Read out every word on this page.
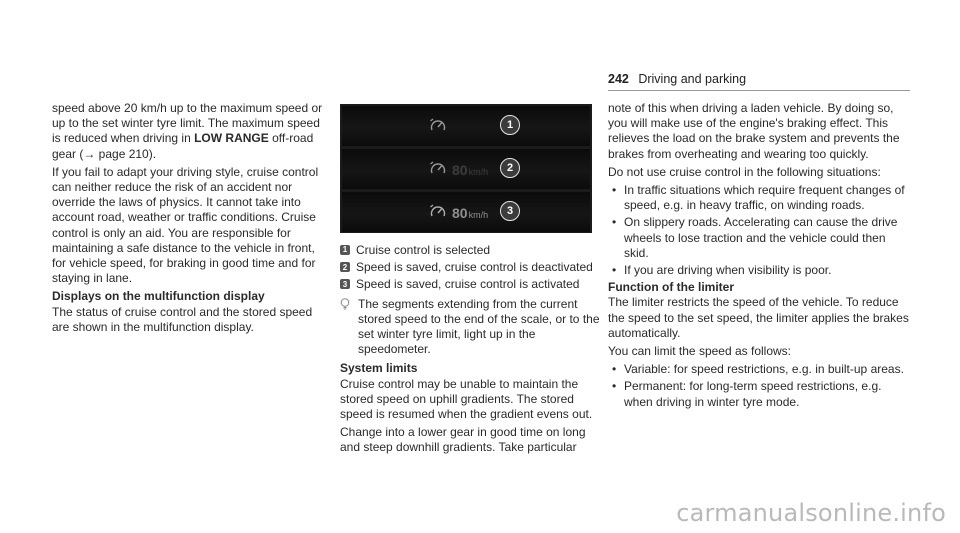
242 Driving and parking

speed above 20 km/h up to the maximum speed or up to the set winter tyre limit. The maximum speed is reduced when driving in LOW RANGE off-road gear (→ page 210).

If you fail to adapt your driving style, cruise control can neither reduce the risk of an accident nor override the laws of physics. It cannot take into account road, weather or traffic conditions. Cruise control is only an aid. You are responsible for maintaining a safe distance to the vehicle in front, for vehicle speed, for braking in good time and for staying in lane.

Displays on the multifunction display

The status of cruise control and the stored speed are shown in the multifunction display.

1
80km/h	2
80km/h	3
1 Cruise control is selected
2 Speed is saved, cruise control is deactivated
3 Speed is saved, cruise control is activated
The segments extending from the current stored speed to the end of the scale, or to the set winter tyre limit, light up in the speedometer.

System limits

Cruise control may be unable to maintain the stored speed on uphill gradients. The stored speed is resumed when the gradient evens out.

Change into a lower gear in good time on long and steep downhill gradients. Take particular

note of this when driving a laden vehicle. By doing so, you will make use of the engine's braking effect. This relieves the load on the brake system and prevents the brakes from overheating and wearing too quickly.

Do not use cruise control in the following situations:

• In traffic situations which require frequent changes of speed, e.g. in heavy traffic, on winding roads.
• On slippery roads. Accelerating can cause the drive wheels to lose traction and the vehicle could then skid.
• If you are driving when visibility is poor.

Function of the limiter

The limiter restricts the speed of the vehicle. To reduce the speed to the set speed, the limiter applies the brakes automatically.

You can limit the speed as follows:

• Variable: for speed restrictions, e.g. in built-up areas.
• Permanent: for long-term speed restrictions, e.g. when driving in winter tyre mode.
carmanualsonline.info
